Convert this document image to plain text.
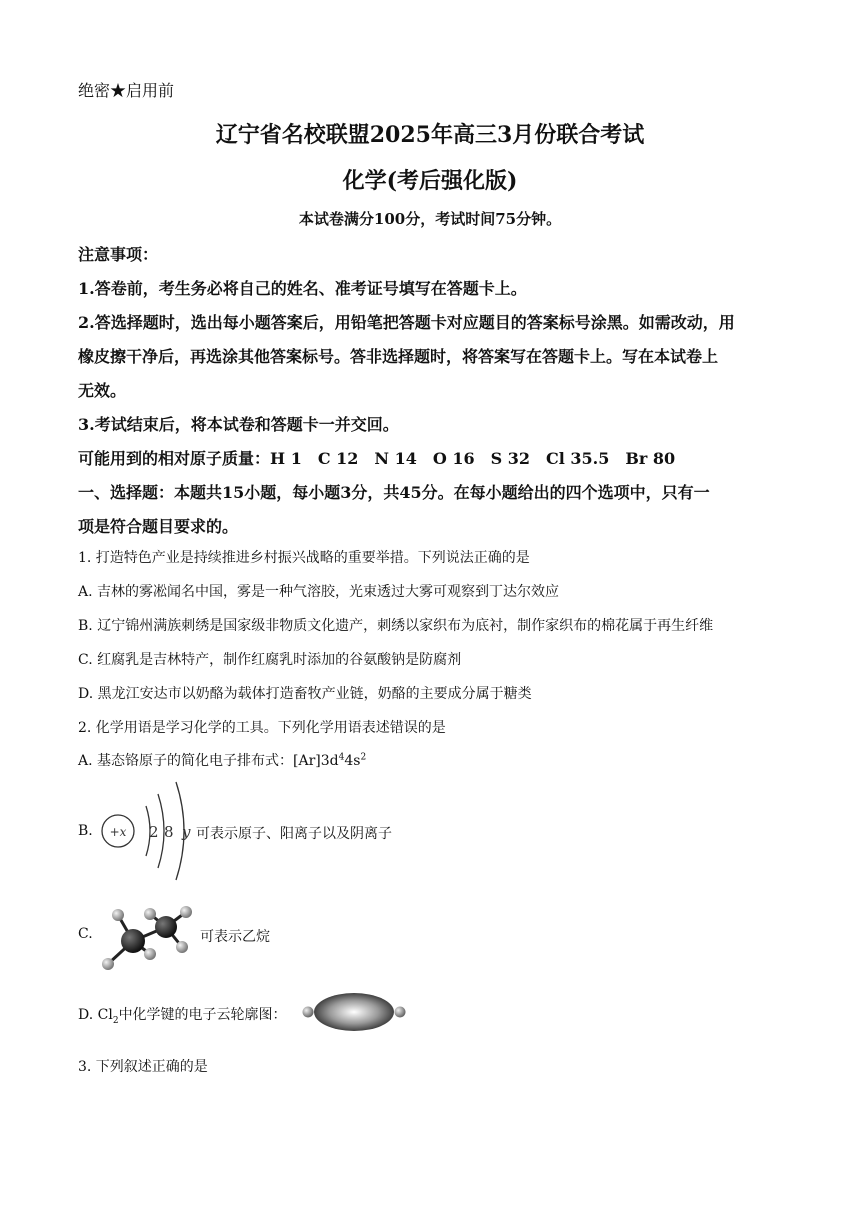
绝密★启用前
辽宁省名校联盟2025年高三3月份联合考试
化学(考后强化版)
本试卷满分100分，考试时间75分钟。
注意事项：
1.答卷前，考生务必将自己的姓名、准考证号填写在答题卡上。
2.答选择题时，选出每小题答案后，用铅笔把答题卡对应题目的答案标号涂黑。如需改动，用
橡皮擦干净后，再选涂其他答案标号。答非选择题时，将答案写在答题卡上。写在本试卷上
无效。
3.考试结束后，将本试卷和答题卡一并交回。
可能用到的相对原子质量：H 1　C 12　N 14　O 16　S 32　Cl 35.5　Br 80
一、选择题：本题共15小题，每小题3分，共45分。在每小题给出的四个选项中，只有一
项是符合题目要求的。
1. 打造特色产业是持续推进乡村振兴战略的重要举措。下列说法正确的是
A. 吉林的雾凇闻名中国，雾是一种气溶胶，光束透过大雾可观察到丁达尔效应
B. 辽宁锦州满族刺绣是国家级非物质文化遗产，刺绣以家织布为底衬，制作家织布的棉花属于再生纤维
C. 红腐乳是吉林特产，制作红腐乳时添加的谷氨酸钠是防腐剂
D. 黑龙江安达市以奶酪为载体打造畜牧产业链，奶酪的主要成分属于糖类
2. 化学用语是学习化学的工具。下列化学用语表述错误的是
A. 基态铬原子的简化电子排布式：$[Ar]3d^44s^2$
B. +x 2 8 y 可表示原子、阳离子以及阴离子
C.	可表示乙烷
D. $Cl_2$中化学键的电子云轮廓图：
3. 下列叙述正确的是
